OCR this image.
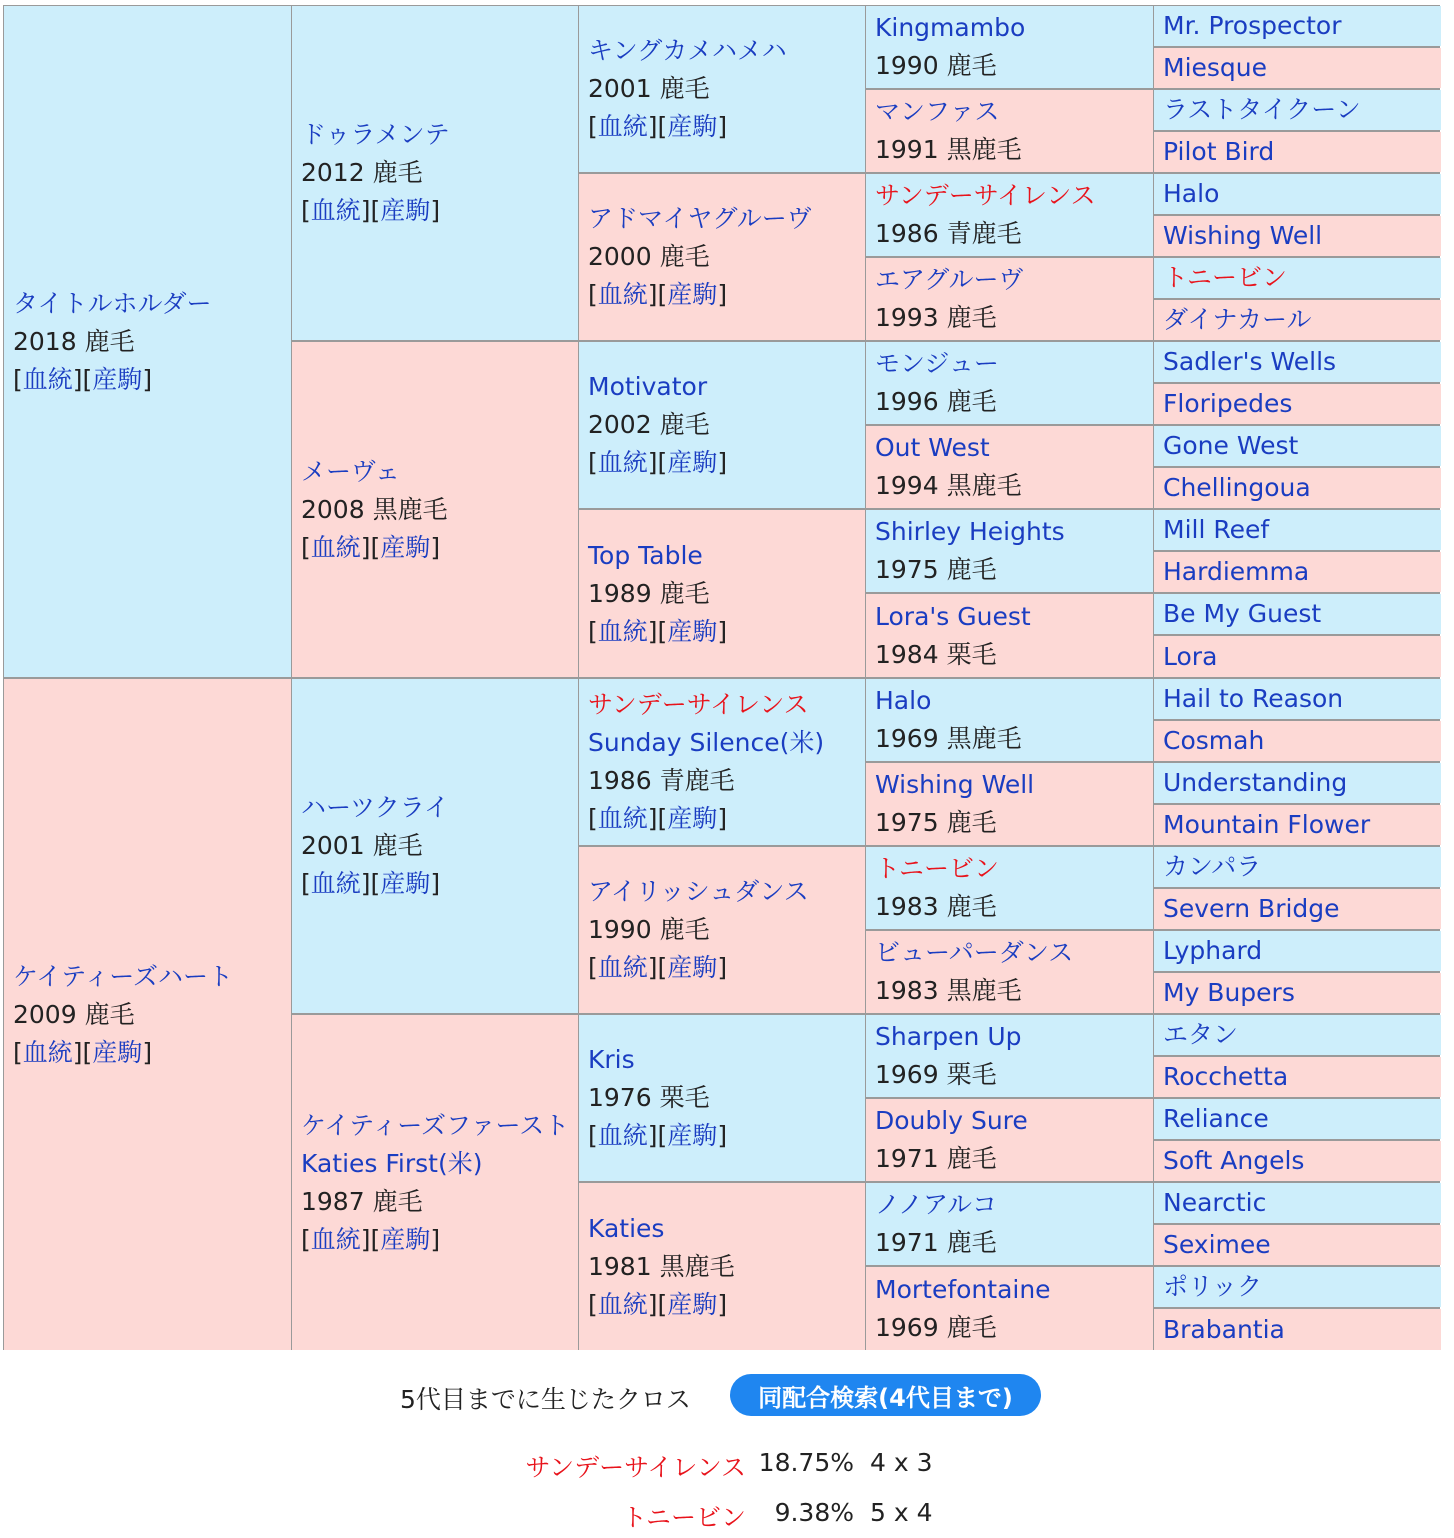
タイトルホルダー
2018 鹿毛
[血統][産駒]
ケイティーズハート
2009 鹿毛
[血統][産駒]
ドゥラメンテ
2012 鹿毛
[血統][産駒]
メーヴェ
2008 黒鹿毛
[血統][産駒]
ハーツクライ
2001 鹿毛
[血統][産駒]
ケイティーズファースト
Katies First(米)
1987 鹿毛
[血統][産駒]
キングカメハメハ
2001 鹿毛
[血統][産駒]
アドマイヤグルーヴ
2000 鹿毛
[血統][産駒]
Motivator
2002 鹿毛
[血統][産駒]
Top Table
1989 鹿毛
[血統][産駒]
サンデーサイレンス
Sunday Silence(米)
1986 青鹿毛
[血統][産駒]
アイリッシュダンス
1990 鹿毛
[血統][産駒]
Kris
1976 栗毛
[血統][産駒]
Katies
1981 黒鹿毛
[血統][産駒]
Kingmambo
1990 鹿毛
マンファス
1991 黒鹿毛
サンデーサイレンス
1986 青鹿毛
エアグルーヴ
1993 鹿毛
モンジュー
1996 鹿毛
Out West
1994 黒鹿毛
Shirley Heights
1975 鹿毛
Lora's Guest
1984 栗毛
Halo
1969 黒鹿毛
Wishing Well
1975 鹿毛
トニービン
1983 鹿毛
ビューパーダンス
1983 黒鹿毛
Sharpen Up
1969 栗毛
Doubly Sure
1971 鹿毛
ノノアルコ
1971 鹿毛
Mortefontaine
1969 鹿毛
Mr. Prospector
Miesque
ラストタイクーン
Pilot Bird
Halo
Wishing Well
トニービン
ダイナカール
Sadler's Wells
Floripedes
Gone West
Chellingoua
Mill Reef
Hardiemma
Be My Guest
Lora
Hail to Reason
Cosmah
Understanding
Mountain Flower
カンパラ
Severn Bridge
Lyphard
My Bupers
エタン
Rocchetta
Reliance
Soft Angels
Nearctic
Seximee
ポリック
Brabantia
5代目までに生じたクロス	同配合検索(4代目まで)
サンデーサイレンス 18.75% 4 x 3
トニービン 9.38% 5 x 4
